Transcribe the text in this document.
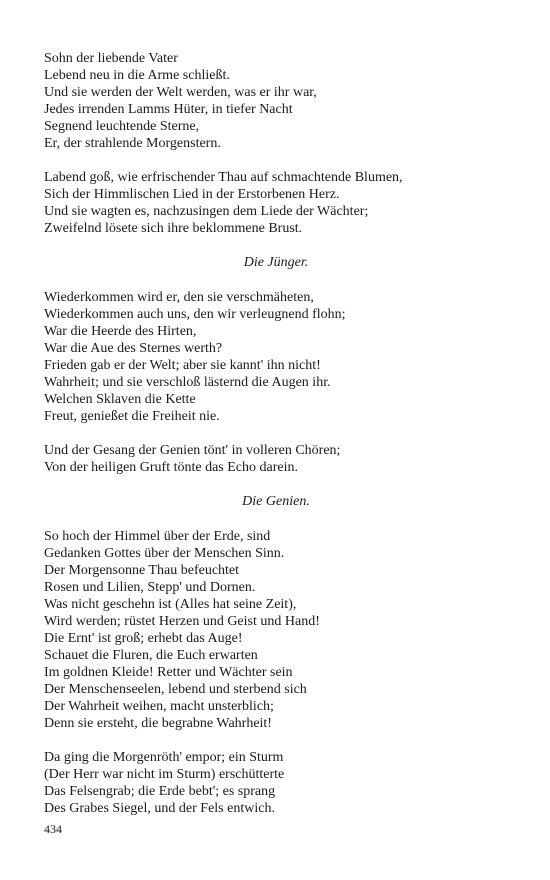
Sohn der liebende Vater
Lebend neu in die Arme schließt.
Und sie werden der Welt werden, was er ihr war,
Jedes irrenden Lamms Hüter, in tiefer Nacht
Segnend leuchtende Sterne,
Er, der strahlende Morgenstern.
Labend goß, wie erfrischender Thau auf schmachtende Blumen,
Sich der Himmlischen Lied in der Erstorbenen Herz.
Und sie wagten es, nachzusingen dem Liede der Wächter;
Zweifelnd lösete sich ihre beklommene Brust.
Die Jünger.
Wiederkommen wird er, den sie verschmäheten,
Wiederkommen auch uns, den wir verleugnend flohn;
War die Heerde des Hirten,
War die Aue des Sternes werth?
Frieden gab er der Welt; aber sie kannt' ihn nicht!
Wahrheit; und sie verschloß lästernd die Augen ihr.
Welchen Sklaven die Kette
Freut, genießet die Freiheit nie.
Und der Gesang der Genien tönt' in volleren Chören;
Von der heiligen Gruft tönte das Echo darein.
Die Genien.
So hoch der Himmel über der Erde, sind
Gedanken Gottes über der Menschen Sinn.
Der Morgensonne Thau befeuchtet
Rosen und Lilien, Stepp' und Dornen.
Was nicht geschehn ist (Alles hat seine Zeit),
Wird werden; rüstet Herzen und Geist und Hand!
Die Ernt' ist groß; erhebt das Auge!
Schauet die Fluren, die Euch erwarten
Im goldnen Kleide! Retter und Wächter sein
Der Menschenseelen, lebend und sterbend sich
Der Wahrheit weihen, macht unsterblich;
Denn sie ersteht, die begrabne Wahrheit!
Da ging die Morgenröth' empor; ein Sturm
(Der Herr war nicht im Sturm) erschütterte
Das Felsengrab; die Erde bebt'; es sprang
Des Grabes Siegel, und der Fels entwich.
434
